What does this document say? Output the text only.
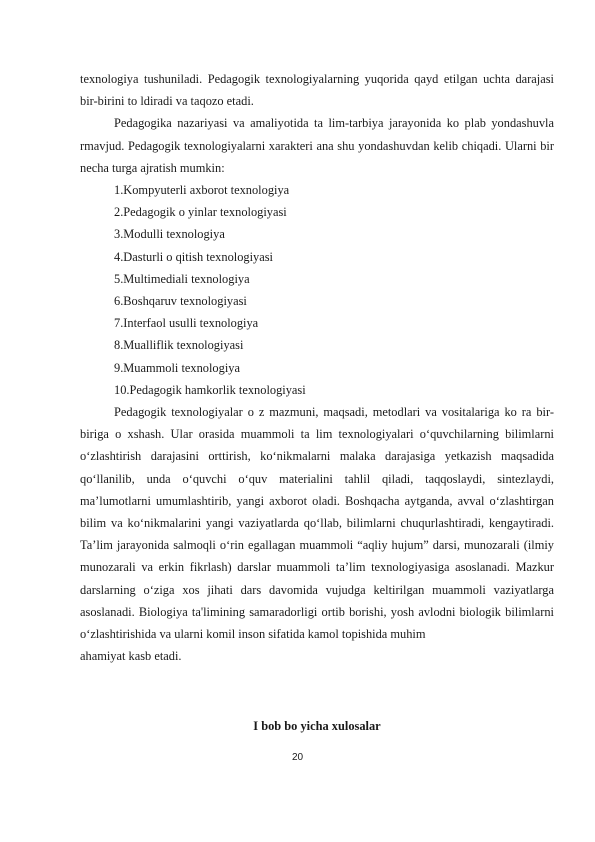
texnologiya tushuniladi. Pedagogik texnologiyalarning yuqorida qayd etilgan uchta darajasi bir-birini to ldiradi va taqozo etadi.

Pedagogika nazariyasi va amaliyotida ta lim-tarbiya jarayonida ko plab yondashuvla rmavjud. Pedagogik texnologiyalarni xarakteri ana shu yondashuvdan kelib chiqadi. Ularni bir necha turga ajratish mumkin:

1.Kompyuterli axborot texnologiya

2.Pedagogik o yinlar texnologiyasi

3.Modulli texnologiya

4.Dasturli o qitish texnologiyasi

5.Multimediali texnologiya

6.Boshqaruv texnologiyasi

7.Interfaol usulli texnologiya

8.Mualliflik texnologiyasi

9.Muammoli texnologiya

10.Pedagogik hamkorlik texnologiyasi

Pedagogik texnologiyalar o z mazmuni, maqsadi, metodlari va vositalariga ko ra bir-biriga o xshash. Ular orasida muammoli ta lim texnologiyalari o‘quvchilarning bilimlarni o‘zlashtirish darajasini orttirish, ko‘nikmalarni malaka darajasiga yetkazish maqsadida qo‘llanilib, unda o‘quvchi o‘quv materialini tahlil qiladi, taqqoslaydi, sintezlaydi, ma’lumotlarni umumlashtirib, yangi axborot oladi. Boshqacha aytganda, avval o‘zlashtirgan bilim va ko‘nikmalarini yangi vaziyatlarda qo‘llab, bilimlarni chuqurlashtiradi, kengaytiradi. Ta’lim jarayonida salmoqli o‘rin egallagan muammoli “aqliy hujum” darsi, munozarali (ilmiy munozarali va erkin fikrlash) darslar muammoli ta’lim texnologiyasiga asoslanadi. Mazkur darslarning o‘ziga xos jihati dars davomida vujudga keltirilgan muammoli vaziyatlarga asoslanadi. Biologiya ta'limining samaradorligi ortib borishi, yosh avlodni biologik bilimlarni o‘zlashtirishida va ularni komil inson sifatida kamol topishida muhim

ahamiyat kasb etadi.

I bob bo yicha xulosalar

20
